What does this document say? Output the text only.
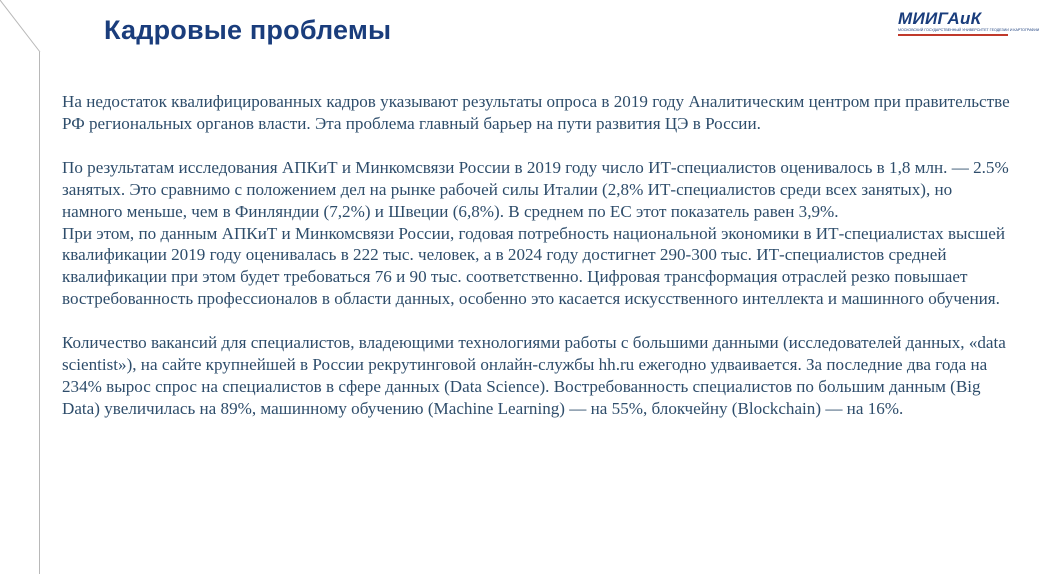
Кадровые проблемы	МИИГАиК
МОСКОВСКИЙ ГОСУДАРСТВЕННЫЙ УНИВЕРСИТЕТ ГЕОДЕЗИИ И КАРТОГРАФИИ

На недостаток квалифицированных кадров указывают результаты опроса в 2019 году Аналитическим центром при правительстве РФ региональных органов власти. Эта проблема главный барьер на пути развития ЦЭ в России.

По результатам исследования АПКиТ и Минкомсвязи России в 2019 году число ИТ-специалистов оценивалось в 1,8 млн. — 2.5% занятых. Это сравнимо с положением дел на рынке рабочей силы Италии (2,8% ИТ-специалистов среди всех занятых), но намного меньше, чем в Финляндии (7,2%) и Швеции (6,8%). В среднем по ЕС этот показатель равен 3,9%.

При этом, по данным АПКиТ и Минкомсвязи России, годовая потребность национальной экономики в ИТ-специалистах высшей квалификации 2019 году оценивалась в 222 тыс. человек, а в 2024 году достигнет 290-300 тыс. ИТ-специалистов средней квалификации при этом будет требоваться 76 и 90 тыс. соответственно. Цифровая трансформация отраслей резко повышает востребованность профессионалов в области данных, особенно это касается искусственного интеллекта и машинного обучения.

Количество вакансий для специалистов, владеющими технологиями работы с большими данными (исследователей данных, «data scientist»), на сайте крупнейшей в России рекрутинговой онлайн-службы hh.ru ежегодно удваивается. За последние два года на 234% вырос спрос на специалистов в сфере данных (Data Science). Востребованность специалистов по большим данным (Big Data) увеличилась на 89%, машинному обучению (Machine Learning) — на 55%, блокчейну (Blockchain) — на 16%.
